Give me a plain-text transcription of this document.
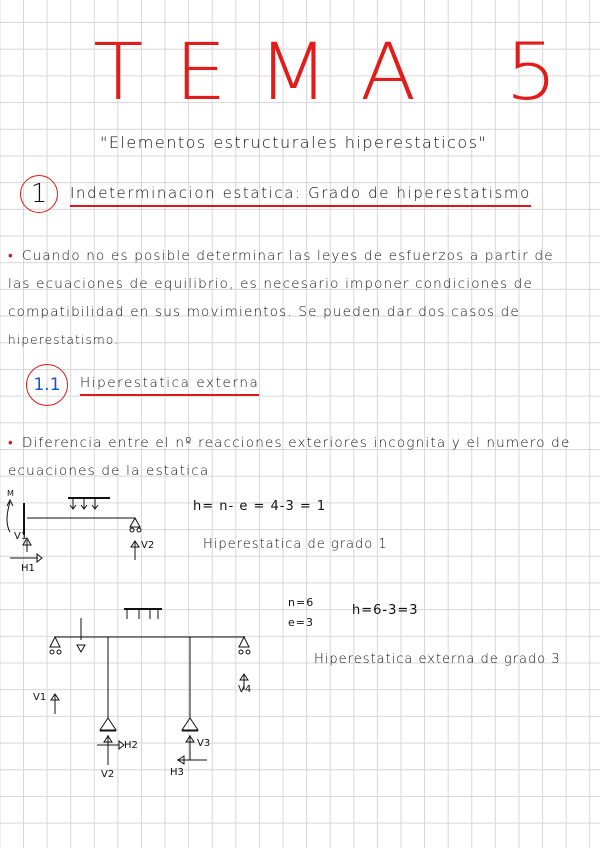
TEMA 5
"Elementos estructurales hiperestaticos"
1 Indeterminacion estatica: Grado de hiperestatismo
• Cuando no es posible determinar las leyes de esfuerzos a partir de
las ecuaciones de equilibrio, es necesario imponer condiciones de
compatibilidad en sus movimientos. Se pueden dar dos casos de
hiperestatismo.
1.1 Hiperestatica externa
• Diferencia entre el nº reacciones exteriores incognita y el numero de
ecuaciones de la estatica
M
V1
H1
V2
h= n- e = 4-3 = 1
Hiperestatica de grado 1
V1
V2
H2	V3
H3
V4
n=6
e=3
h=6-3=3
Hiperestatica externa de grado 3
